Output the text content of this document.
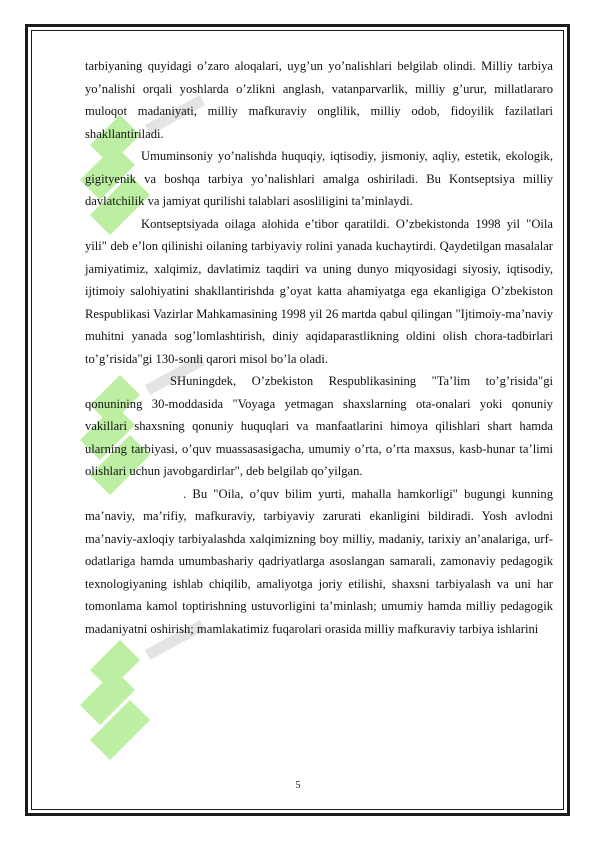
tarbiyaning quyidagi o’zaro aloqalari, uyg’un yo’nalishlari belgilab olindi. Milliy tarbiya yo’nalishi orqali yoshlarda o’zlikni anglash, vatanparvarlik, milliy g’urur, millatlararo muloqot madaniyati, milliy mafkuraviy onglilik, milliy odob, fidoyilik fazilatlari shakllantiriladi.

Umuminsoniy yo’nalishda huquqiy, iqtisodiy, jismoniy, aqliy, estetik, ekologik, gigityenik va boshqa tarbiya yo’nalishlari amalga oshiriladi. Bu Kontseptsiya milliy davlatchilik va jamiyat qurilishi talablari asosliligini ta’minlaydi.

Kontseptsiyada oilaga alohida e’tibor qaratildi. O’zbekistonda 1998 yil "Oila yili" deb e’lon qilinishi oilaning tarbiyaviy rolini yanada kuchaytirdi. Qaydetilgan masalalar jamiyatimiz, xalqimiz, davlatimiz taqdiri va uning dunyo miqyosidagi siyosiy, iqtisodiy, ijtimoiy salohiyatini shakllantirishda g’oyat katta ahamiyatga ega ekanligiga O’zbekiston Respublikasi Vazirlar Mahkamasining 1998 yil 26 martda qabul qilingan "Ijtimoiy-ma’naviy muhitni yanada sog’lomlashtirish, diniy aqidaparastlikning oldini olish chora-tadbirlari to’g’risida"gi 130-sonli qarori misol bo’la oladi.

SHuningdek, O’zbekiston Respublikasining "Ta’lim to’g’risida"gi qonunining 30-moddasida "Voyaga yetmagan shaxslarning ota-onalari yoki qonuniy vakillari shaxsning qonuniy huquqlari va manfaatlarini himoya qilishlari shart hamda ularning tarbiyasi, o’quv muassasasigacha, umumiy o’rta, o’rta maxsus, kasb-hunar ta’limi olishlari uchun javobgardirlar", deb belgilab qo’yilgan.

. Bu "Oila, o’quv bilim yurti, mahalla hamkorligi" bugungi kunning ma’naviy, ma’rifiy, mafkuraviy, tarbiyaviy zarurati ekanligini bildiradi. Yosh avlodni ma’naviy-axloqiy tarbiyalashda xalqimizning boy milliy, madaniy, tarixiy an’analariga, urf-odatlariga hamda umumbashariy qadriyatlarga asoslangan samarali, zamonaviy pedagogik texnologiyaning ishlab chiqilib, amaliyotga joriy etilishi, shaxsni tarbiyalash va uni har tomonlama kamol toptirishning ustuvorligini ta’minlash; umumiy hamda milliy pedagogik madaniyatni oshirish; mamlakatimiz fuqarolari orasida milliy mafkuraviy tarbiya ishlarini

5
